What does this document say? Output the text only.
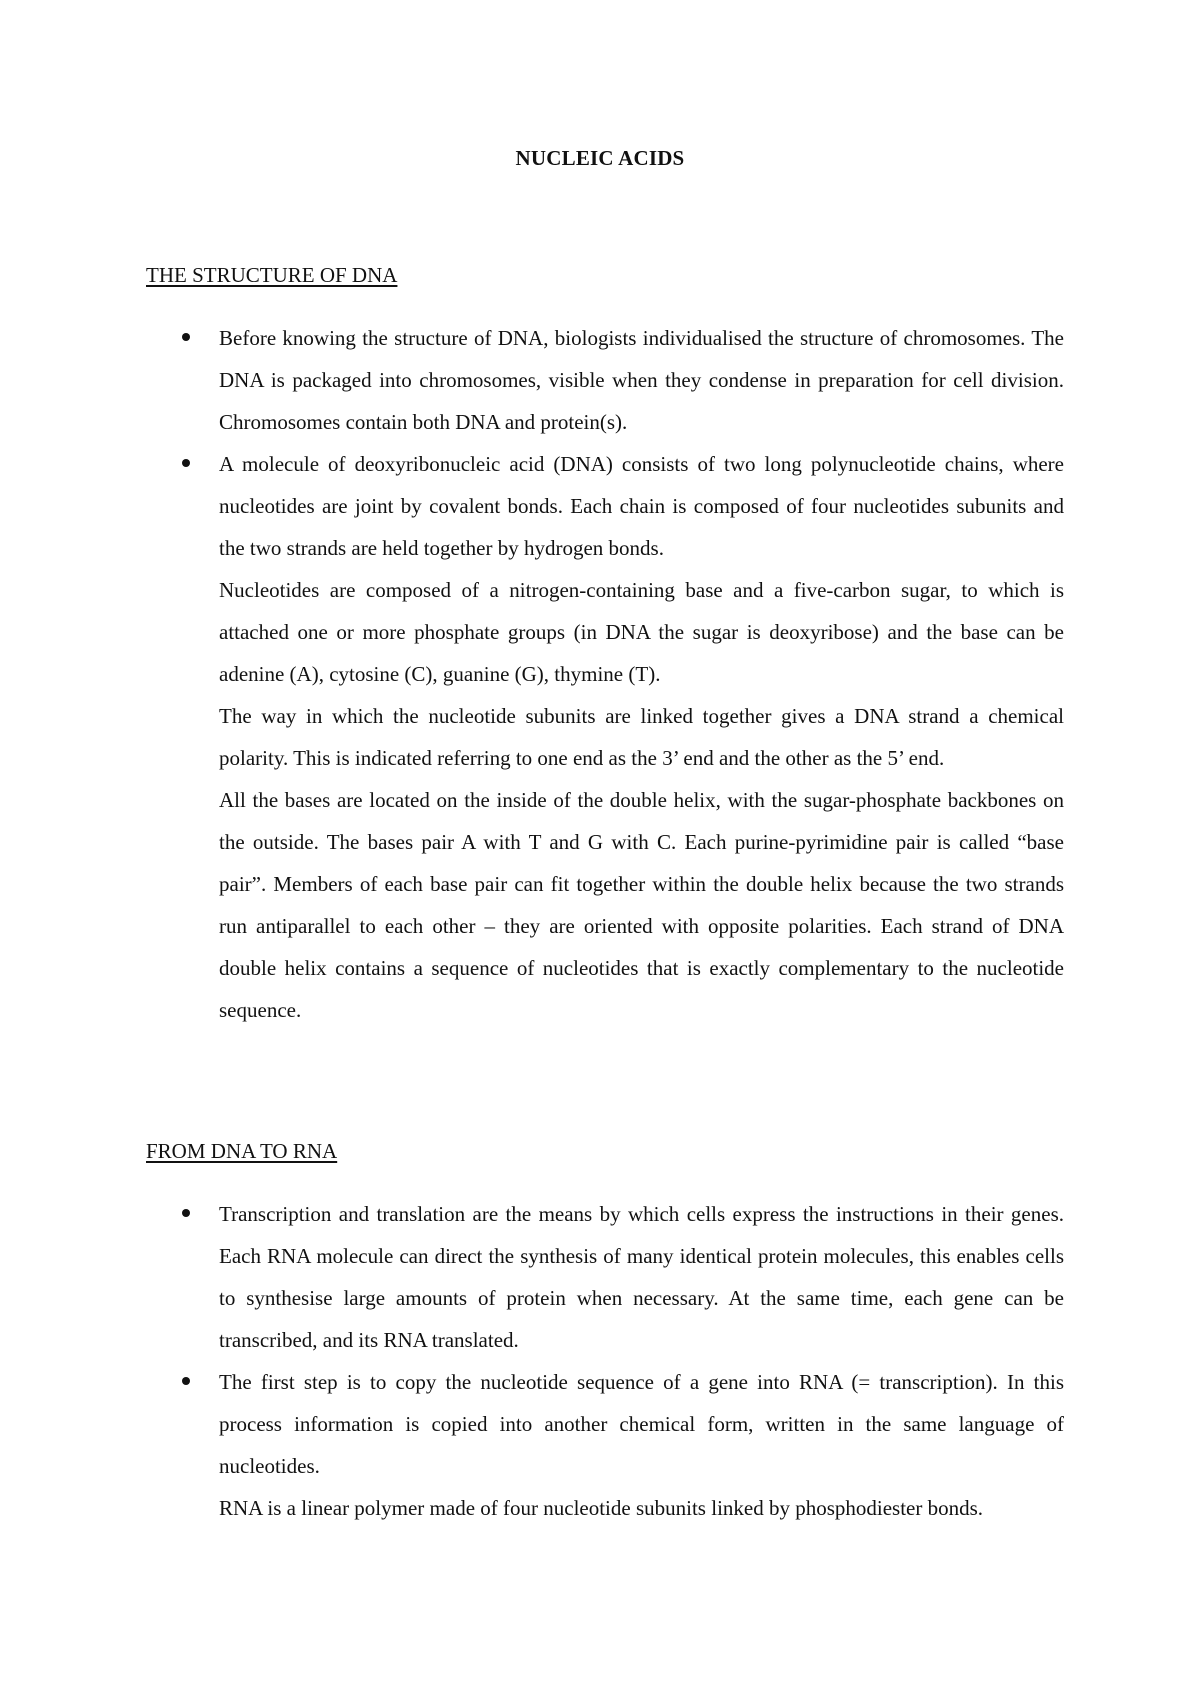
NUCLEIC ACIDS
THE STRUCTURE OF DNA

Before knowing the structure of DNA, biologists individualised the structure of chromosomes. The DNA is packaged into chromosomes, visible when they condense in preparation for cell division. Chromosomes contain both DNA and protein(s).

A molecule of deoxyribonucleic acid (DNA) consists of two long polynucleotide chains, where nucleotides are joint by covalent bonds. Each chain is composed of four nucleotides subunits and the two strands are held together by hydrogen bonds.

Nucleotides are composed of a nitrogen-containing base and a five-carbon sugar, to which is attached one or more phosphate groups (in DNA the sugar is deoxyribose) and the base can be adenine (A), cytosine (C), guanine (G), thymine (T).

The way in which the nucleotide subunits are linked together gives a DNA strand a chemical polarity. This is indicated referring to one end as the 3’ end and the other as the 5’ end.

All the bases are located on the inside of the double helix, with the sugar-phosphate backbones on the outside. The bases pair A with T and G with C. Each purine-pyrimidine pair is called “base pair”. Members of each base pair can fit together within the double helix because the two strands run antiparallel to each other – they are oriented with opposite polarities. Each strand of DNA double helix contains a sequence of nucleotides that is exactly complementary to the nucleotide sequence.

FROM DNA TO RNA

Transcription and translation are the means by which cells express the instructions in their genes. Each RNA molecule can direct the synthesis of many identical protein molecules, this enables cells to synthesise large amounts of protein when necessary. At the same time, each gene can be transcribed, and its RNA translated.

The first step is to copy the nucleotide sequence of a gene into RNA (= transcription). In this process information is copied into another chemical form, written in the same language of nucleotides.

RNA is a linear polymer made of four nucleotide subunits linked by phosphodiester bonds.
